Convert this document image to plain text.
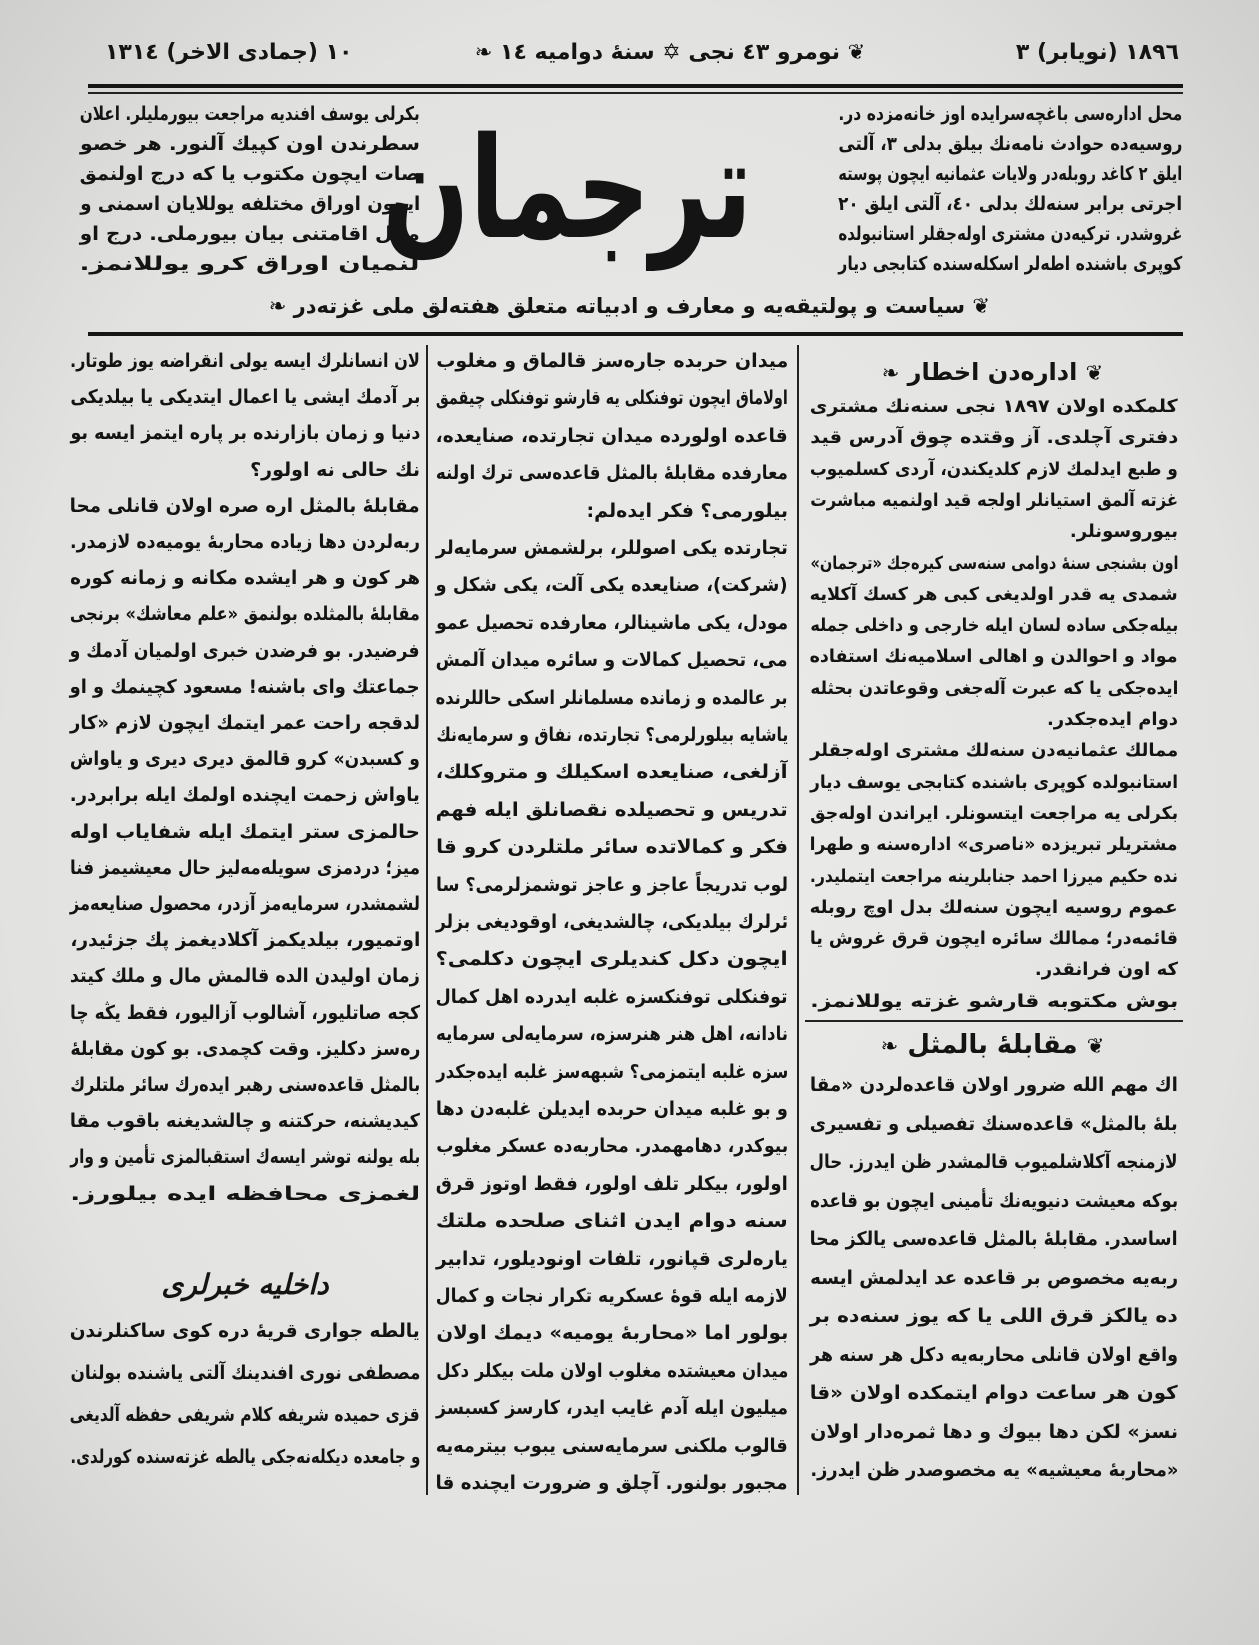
۱۸۹٦ (نویابر) ۳
❦ نومرو ٤۳ نجی ✡ سنهٔ دوامیه ١٤ ❧
١٠ (جمادی الاخر) ١٣١٤
محل ادارەسی باغچەسرایده اوز خانەمزده در.
روسیەده حوادث نامەنك بیلق بدلی ۳، آلتی
ایلق ۲ کاغد روبلەدر ولایات عثمانیه ایچون پوسته
اجرتی برابر سنەلك بدلی ٤٠، آلتی ایلق ۲٠
غروشدر. ترکیەدن مشتری اولەجقلر استانبولده
کوپری باشنده اطەلر اسکلەسنده کتابجی دیار
بکرلی یوسف افندیه مراجعت بیورملیلر. اعلان
سطرندن اون کپیك آلنور. هر خصو
صات ایچون مکتوب یا که درج اولنمق
ایچون اوراق مختلفه یوللایان اسمنی و
محل اقامتنی بیان بیورملی. درج او
لنمیان اوراق کرو یوللانمز.
ترجمان
❦ سیاست و پولتیقەیه و معارف و ادبیاته متعلق هفتەلق ملی غزتەدر ❧
❦ ادارەدن اخطار ❧
کلمکده اولان ۱۸۹۷ نجی سنەنك مشتری
دفتری آچلدی. آز وقتده چوق آدرس قید
و طبع ایدلمك لازم کلدیکندن، آردی کسلمیوب
غزته آلمق استیانلر اولجه قید اولنمیه مباشرت
بیوروسونلر.
اون بشنجی سنهٔ دوامی سنەسی کیرەجك «ترجمان»
شمدی یه قدر اولدیغی کبی هر کسك آکلایه
بیلەجکی ساده لسان ایله خارجی و داخلی جمله
مواد و احوالدن و اهالی اسلامیەنك استفاده
ایدەجکی یا که عبرت آلەجغی وقوعاتدن بحثله
دوام ایدەجکدر.
ممالك عثمانیەدن سنەلك مشتری اولەجقلر
استانبولده کوپری باشنده کتابجی یوسف دیار
بکرلی یه مراجعت ایتسونلر. ایراندن اولەجق
مشتریلر تبریزده «ناصری» ادارەسنه و طهرا
نده حکیم میرزا احمد جنابلرینه مراجعت ایتملیدر.
عموم روسیه ایچون سنەلك بدل اوچ روبله
قائمەدر؛ ممالك سائره ایچون قرق غروش یا
که اون فرانقدر.
بوش مکتوبه قارشو غزته یوللانمز.
❦ مقابلهٔ بالمثل ❧
اك مهم الله ضرور اولان قاعدەلردن «مقا
بلهٔ بالمثل» قاعدەسنك تفصیلی و تفسیری
لازمنجه آکلاشلمیوب قالمشدر ظن ایدرز. حال
بوکه معیشت دنیویەنك تأمینی ایچون بو قاعده
اساسدر. مقابلهٔ بالمثل قاعدەسی یالکز محا
ربەیه مخصوص بر قاعده عد ایدلمش ایسه
ده یالکز قرق اللی یا که یوز سنەده بر
واقع اولان قانلی محاربەیه دکل هر سنه هر
کون هر ساعت دوام ایتمکده اولان «قا
نسز» لکن دها بیوك و دها ثمرەدار اولان
«محاربهٔ معیشیه» یه مخصوصدر ظن ایدرز.
میدان حربده جارەسز قالماق و مغلوب
اولاماق ایچون توفنکلی یه قارشو توفنکلی چیقمق
قاعده اولوردە میدان تجارتده، صنایعده،
معارفده مقابلهٔ بالمثل قاعدەسی ترك اولنه
بیلورمی؟ فکر ایدەلم:
تجارتده یکی اصوللر، برلشمش سرمایەلر
(شرکت)، صنایعده یکی آلت، یکی شکل و
مودل، یکی ماشینالر، معارفده تحصیل عمو
می، تحصیل کمالات و سائره میدان آلمش
بر عالمده و زمانده مسلمانلر اسکی حاللرنده
یاشایه بیلورلرمی؟ تجارتده، نفاق و سرمایەنك
آزلغی، صنایعده اسکیلك و متروکلك،
تدریس و تحصیلده نقصانلق ایله فهم
فکر و کمالاتده سائر ملتلردن کرو قا
لوب تدریجاً عاجز و عاجز توشمزلرمی؟ سا
ئرلرك بیلدیکی، چالشدیغی، اوقودیغی بزلر
ایچون دکل کندیلری ایچون دکلمی؟
توفنکلی توفنکسزه غلبه ایدرده اهل کمال
نادانه، اهل هنر هنرسزه، سرمایەلی سرمایه
سزه غلبه ایتمزمی؟ شبهەسز غلبه ایدەجکدر
و بو غلبه میدان حربده ایدیلن غلبەدن دها
بیوکدر، دهامهمدر. محاربەده عسکر مغلوب
اولور، بیکلر تلف اولور، فقط اوتوز قرق
سنه دوام ایدن اثنای صلحده ملتك
یارەلری قپانور، تلفات اونودیلور، تدابیر
لازمه ایله قوهٔ عسکریه تکرار نجات و کمال
بولور اما «محاربهٔ یومیه» دیمك اولان
میدان معیشتده مغلوب اولان ملت بیکلر دکل
میلیون ایله آدم غایب ایدر، کارسز کسبسز
قالوب ملکنی سرمایەسنی یبوب بیترمەیه
مجبور بولنور. آچلق و ضرورت ایچنده قا
لان انسانلرك ایسه یولی انقراضه یوز طوتار.
بر آدمك ایشی یا اعمال ایتدیکی یا بیلدیکی
دنیا و زمان بازارنده بر پاره ایتمز ایسه بو
نك حالی نه اولور؟
مقابلهٔ بالمثل اره صره اولان قانلی محا
ربەلردن دها زیاده محاربهٔ یومیەده لازمدر.
هر کون و هر ایشده مکانه و زمانه کوره
مقابلهٔ بالمثلده بولنمق «علم معاشك» برنجی
فرضیدر. بو فرضدن خبری اولمیان آدمك و
جماعتك وای باشنه! مسعود کچینمك و او
لدقجه راحت عمر ایتمك ایچون لازم «کار
و کسبدن» کرو قالمق دیری دیری و یاواش
یاواش زحمت ایچنده اولمك ایله برابردر.
حالمزی ستر ایتمك ایله شفایاب اوله
میز؛ دردمزی سویلەمەلیز حال معیشیمز فنا
لشمشدر، سرمایەمز آزدر، محصول صنایعەمز
اوتمیور، بیلدیکمز آکلادیغمز پك جزئیدر،
زمان اولیدن الده قالمش مال و ملك کیتد
کجه صاتلیور، آشالوب آزالیور، فقط یڭه چا
رەسز دکلیز. وقت کچمدی. بو کون مقابلهٔ
بالمثل قاعدەسنی رهبر ایدەرك سائر ملتلرك
کیدیشنه، حرکتنه و چالشدیغنه باقوب مقا
بله یولنه توشر ایسەك استقبالمزی تأمین و وار
لغمزی محافظه ایده بیلورز.
داخلیه خبرلری
یالطه جواری قریهٔ دره کوی ساکنلرندن
مصطفی نوری افندینك آلتی یاشنده بولنان
قزی حمیده شریفه کلام شریفی حفظه آلدیغی
و جامعده دیکلەنەجکی یالطه غزتەسنده کورلدی.
